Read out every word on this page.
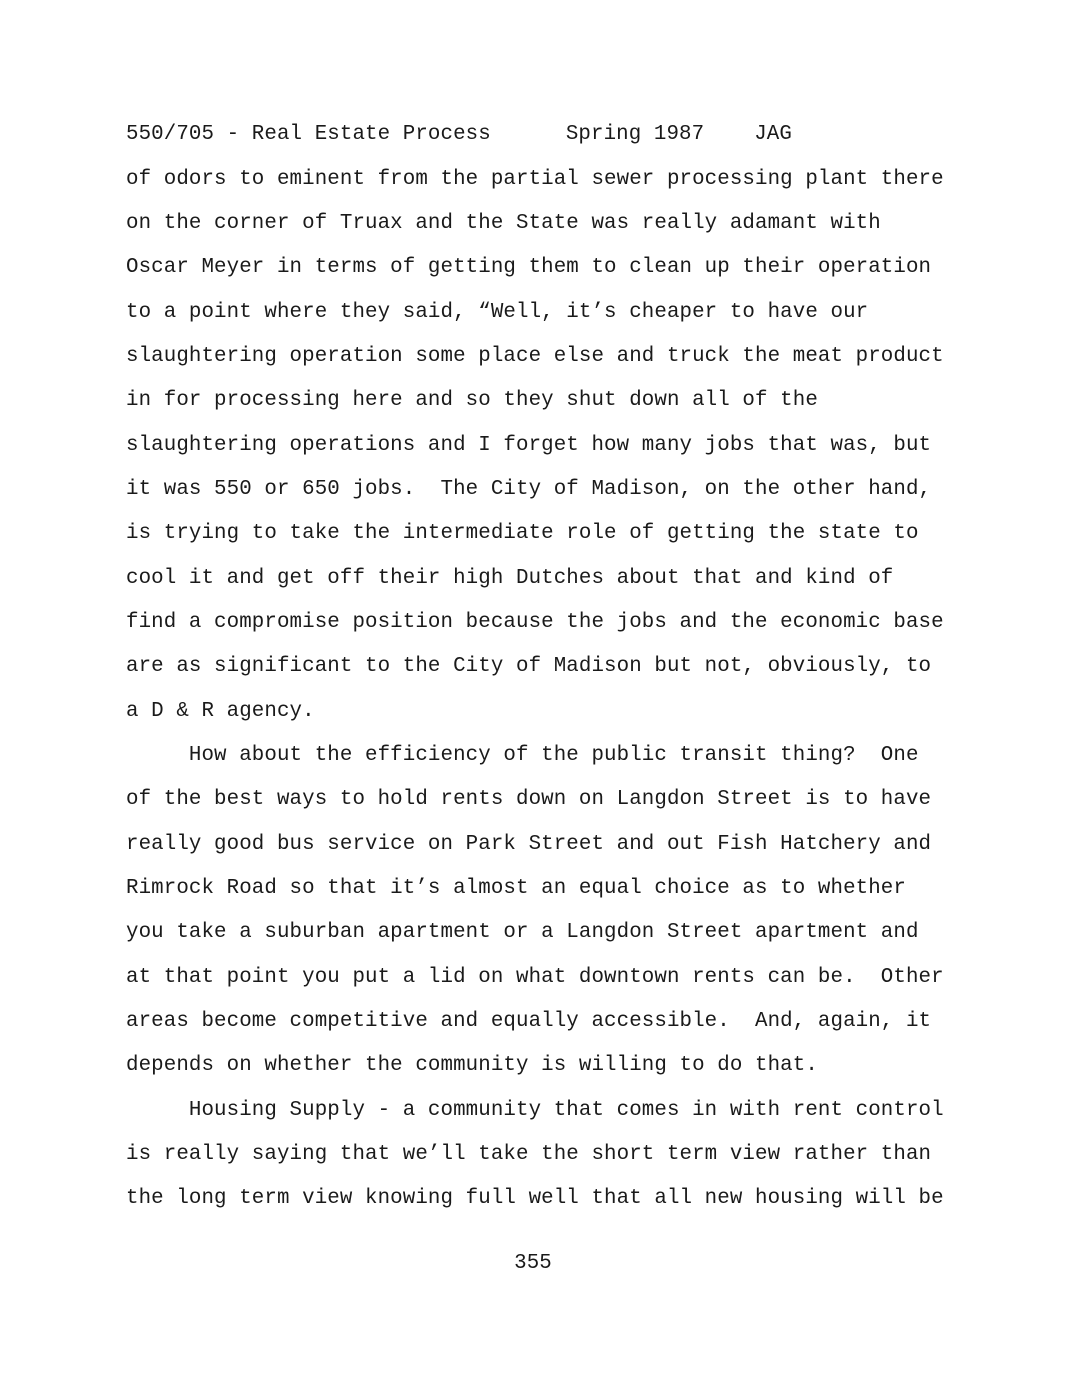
550/705 - Real Estate Process	Spring 1987 JAG
of odors to eminent from the partial sewer processing plant there
on the corner of Truax and the State was really adamant with
Oscar Meyer in terms of getting them to clean up their operation
to a point where they said, “Well, it’s cheaper to have our
slaughtering operation some place else and truck the meat product
in for processing here and so they shut down all of the
slaughtering operations and I forget how many jobs that was, but
it was 550 or 650 jobs.  The City of Madison, on the other hand,
is trying to take the intermediate role of getting the state to
cool it and get off their high Dutches about that and kind of
find a compromise position because the jobs and the economic base
are as significant to the City of Madison but not, obviously, to
a D & R agency.
How about the efficiency of the public transit thing?  One
of the best ways to hold rents down on Langdon Street is to have
really good bus service on Park Street and out Fish Hatchery and
Rimrock Road so that it’s almost an equal choice as to whether
you take a suburban apartment or a Langdon Street apartment and
at that point you put a lid on what downtown rents can be.  Other
areas become competitive and equally accessible.  And, again, it
depends on whether the community is willing to do that.
Housing Supply - a community that comes in with rent control
is really saying that we’ll take the short term view rather than
the long term view knowing full well that all new housing will be
355
